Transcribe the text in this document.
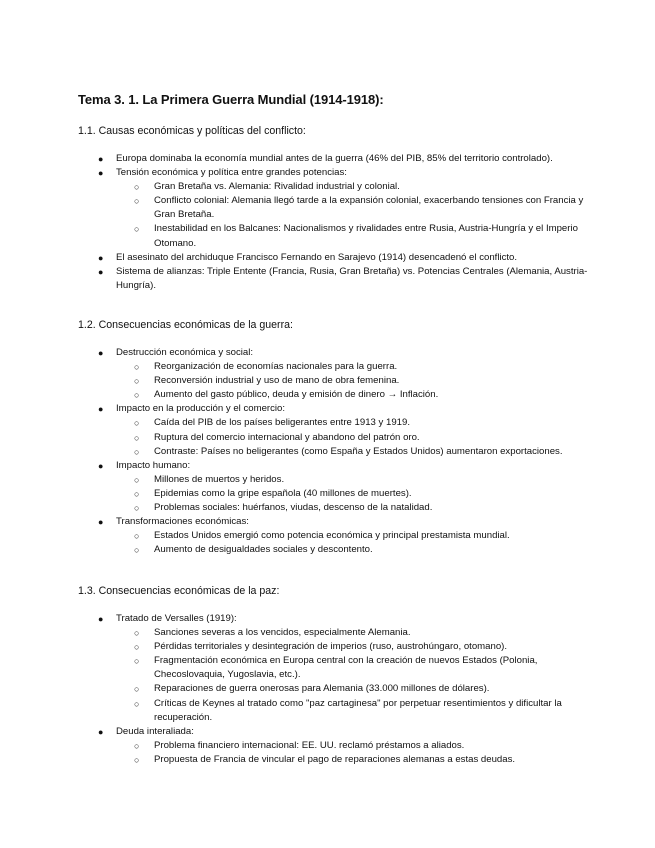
Tema 3. 1. La Primera Guerra Mundial (1914-1918):
1.1. Causas económicas y políticas del conflicto:
●	Europa dominaba la economía mundial antes de la guerra (46% del PIB, 85% del territorio controlado).
●	Tensión económica y política entre grandes potencias:
○ Gran Bretaña vs. Alemania: Rivalidad industrial y colonial.
○ Conflicto colonial: Alemania llegó tarde a la expansión colonial, exacerbando tensiones con Francia y Gran Bretaña.
○ Inestabilidad en los Balcanes: Nacionalismos y rivalidades entre Rusia, Austria-Hungría y el Imperio Otomano.
●	El asesinato del archiduque Francisco Fernando en Sarajevo (1914) desencadenó el conflicto.
●	Sistema de alianzas: Triple Entente (Francia, Rusia, Gran Bretaña) vs. Potencias Centrales (Alemania, Austria-Hungría).
1.2. Consecuencias económicas de la guerra:
●	Destrucción económica y social:
○ Reorganización de economías nacionales para la guerra.
○ Reconversión industrial y uso de mano de obra femenina.
○ Aumento del gasto público, deuda y emisión de dinero → Inflación.
●	Impacto en la producción y el comercio:
○ Caída del PIB de los países beligerantes entre 1913 y 1919.
○ Ruptura del comercio internacional y abandono del patrón oro.
○ Contraste: Países no beligerantes (como España y Estados Unidos) aumentaron exportaciones.
●	Impacto humano:
○ Millones de muertos y heridos.
○ Epidemias como la gripe española (40 millones de muertes).
○ Problemas sociales: huérfanos, viudas, descenso de la natalidad.
●	Transformaciones económicas:
○ Estados Unidos emergió como potencia económica y principal prestamista mundial.
○ Aumento de desigualdades sociales y descontento.
1.3. Consecuencias económicas de la paz:
●	Tratado de Versalles (1919):
○ Sanciones severas a los vencidos, especialmente Alemania.
○ Pérdidas territoriales y desintegración de imperios (ruso, austrohúngaro, otomano).
○ Fragmentación económica en Europa central con la creación de nuevos Estados (Polonia, Checoslovaquia, Yugoslavia, etc.).
○ Reparaciones de guerra onerosas para Alemania (33.000 millones de dólares).
○ Críticas de Keynes al tratado como "paz cartaginesa" por perpetuar resentimientos y dificultar la recuperación.
●	Deuda interaliada:
○ Problema financiero internacional: EE. UU. reclamó préstamos a aliados.
○ Propuesta de Francia de vincular el pago de reparaciones alemanas a estas deudas.
